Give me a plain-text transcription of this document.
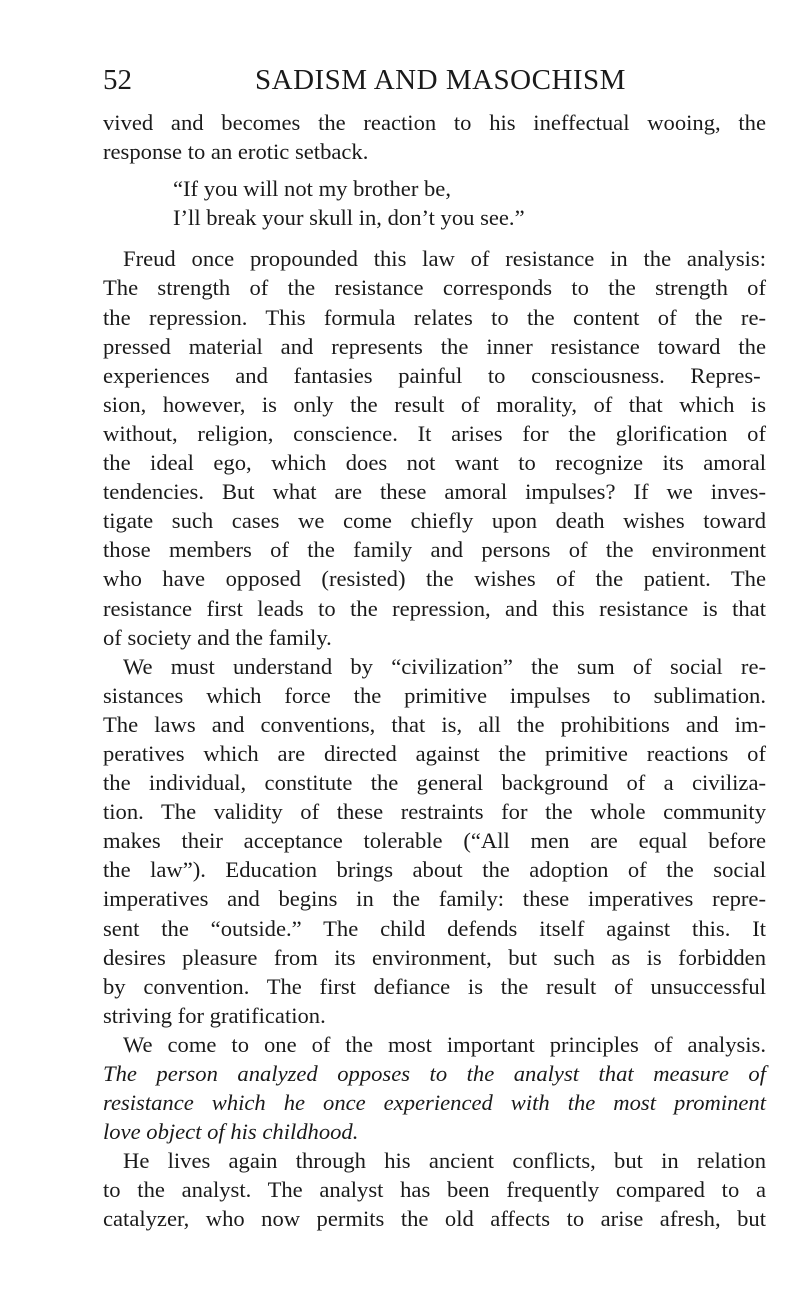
52	SADISM AND MASOCHISM

vived and becomes the reaction to his ineffectual wooing, the
response to an erotic setback.

“If you will not my brother be,
I’ll break your skull in, don’t you see.”

Freud once propounded this law of resistance in the analysis:
The strength of the resistance corresponds to the strength of
the repression. This formula relates to the content of the re-
pressed material and represents the inner resistance toward the
experiences and fantasies painful to consciousness. Repres-
sion, however, is only the result of morality, of that which is
without, religion, conscience. It arises for the glorification of
the ideal ego, which does not want to recognize its amoral
tendencies. But what are these amoral impulses? If we inves-
tigate such cases we come chiefly upon death wishes toward
those members of the family and persons of the environment
who have opposed (resisted) the wishes of the patient. The
resistance first leads to the repression, and this resistance is that
of society and the family.

We must understand by “civilization” the sum of social re-
sistances which force the primitive impulses to sublimation.
The laws and conventions, that is, all the prohibitions and im-
peratives which are directed against the primitive reactions of
the individual, constitute the general background of a civiliza-
tion. The validity of these restraints for the whole community
makes their acceptance tolerable (“All men are equal before
the law”). Education brings about the adoption of the social
imperatives and begins in the family: these imperatives repre-
sent the “outside.” The child defends itself against this. It
desires pleasure from its environment, but such as is forbidden
by convention. The first defiance is the result of unsuccessful
striving for gratification.

We come to one of the most important principles of analysis.
The person analyzed opposes to the analyst that measure of
resistance which he once experienced with the most prominent
love object of his childhood.

He lives again through his ancient conflicts, but in relation
to the analyst. The analyst has been frequently compared to a
catalyzer, who now permits the old affects to arise afresh, but
